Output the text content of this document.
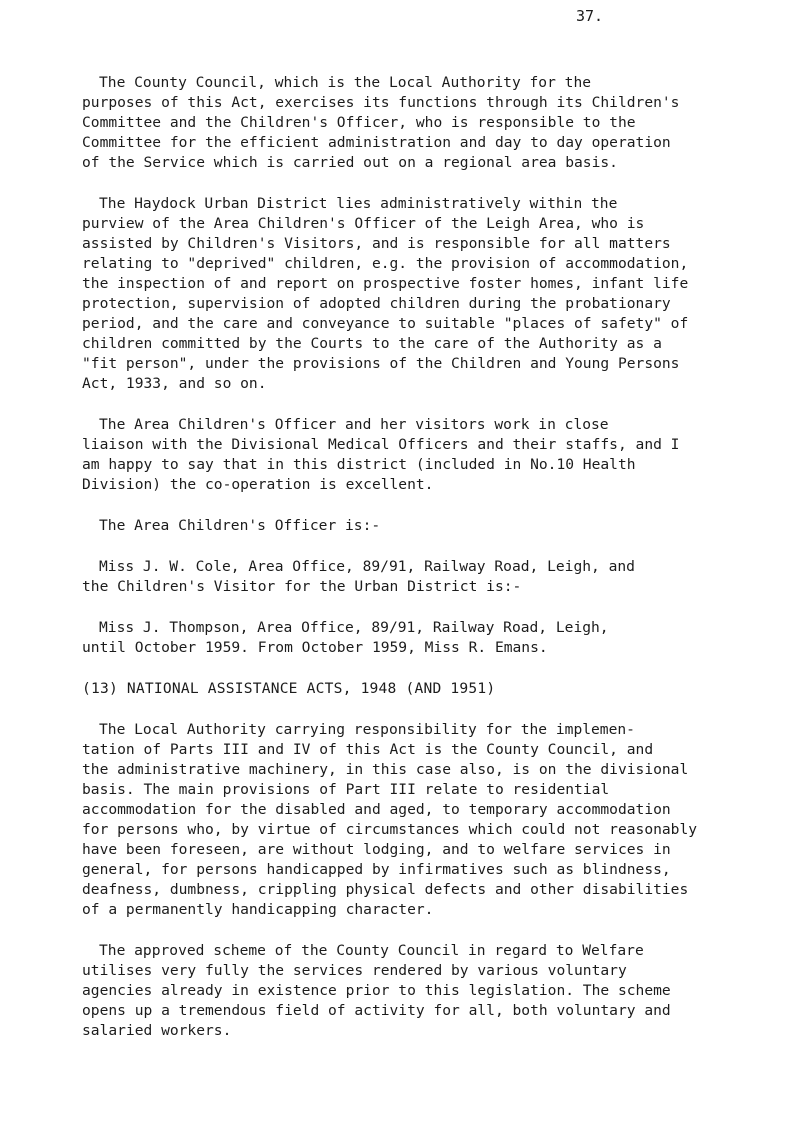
37.
The County Council, which is the Local Authority for the
purposes of this Act, exercises its functions through its Children's
Committee and the Children's Officer, who is responsible to the
Committee for the efficient administration and day to day operation
of the Service which is carried out on a regional area basis.
The Haydock Urban District lies administratively within the
purview of the Area Children's Officer of the Leigh Area, who is
assisted by Children's Visitors, and is responsible for all matters
relating to "deprived" children, e.g. the provision of accommodation,
the inspection of and report on prospective foster homes, infant life
protection, supervision of adopted children during the probationary
period, and the care and conveyance to suitable "places of safety" of
children committed by the Courts to the care of the Authority as a
"fit person", under the provisions of the Children and Young Persons
Act, 1933, and so on.
The Area Children's Officer and her visitors work in close
liaison with the Divisional Medical Officers and their staffs, and I
am happy to say that in this district (included in No.10 Health
Division) the co-operation is excellent.
The Area Children's Officer is:-
Miss J. W. Cole, Area Office, 89/91, Railway Road, Leigh, and
the Children's Visitor for the Urban District is:-
Miss J. Thompson, Area Office, 89/91, Railway Road, Leigh,
until October 1959. From October 1959, Miss R. Emans.
(13) NATIONAL ASSISTANCE ACTS, 1948 (AND 1951)
The Local Authority carrying responsibility for the implemen-
tation of Parts III and IV of this Act is the County Council, and
the administrative machinery, in this case also, is on the divisional
basis. The main provisions of Part III relate to residential
accommodation for the disabled and aged, to temporary accommodation
for persons who, by virtue of circumstances which could not reasonably
have been foreseen, are without lodging, and to welfare services in
general, for persons handicapped by infirmatives such as blindness,
deafness, dumbness, crippling physical defects and other disabilities
of a permanently handicapping character.
The approved scheme of the County Council in regard to Welfare
utilises very fully the services rendered by various voluntary
agencies already in existence prior to this legislation. The scheme
opens up a tremendous field of activity for all, both voluntary and
salaried workers.
